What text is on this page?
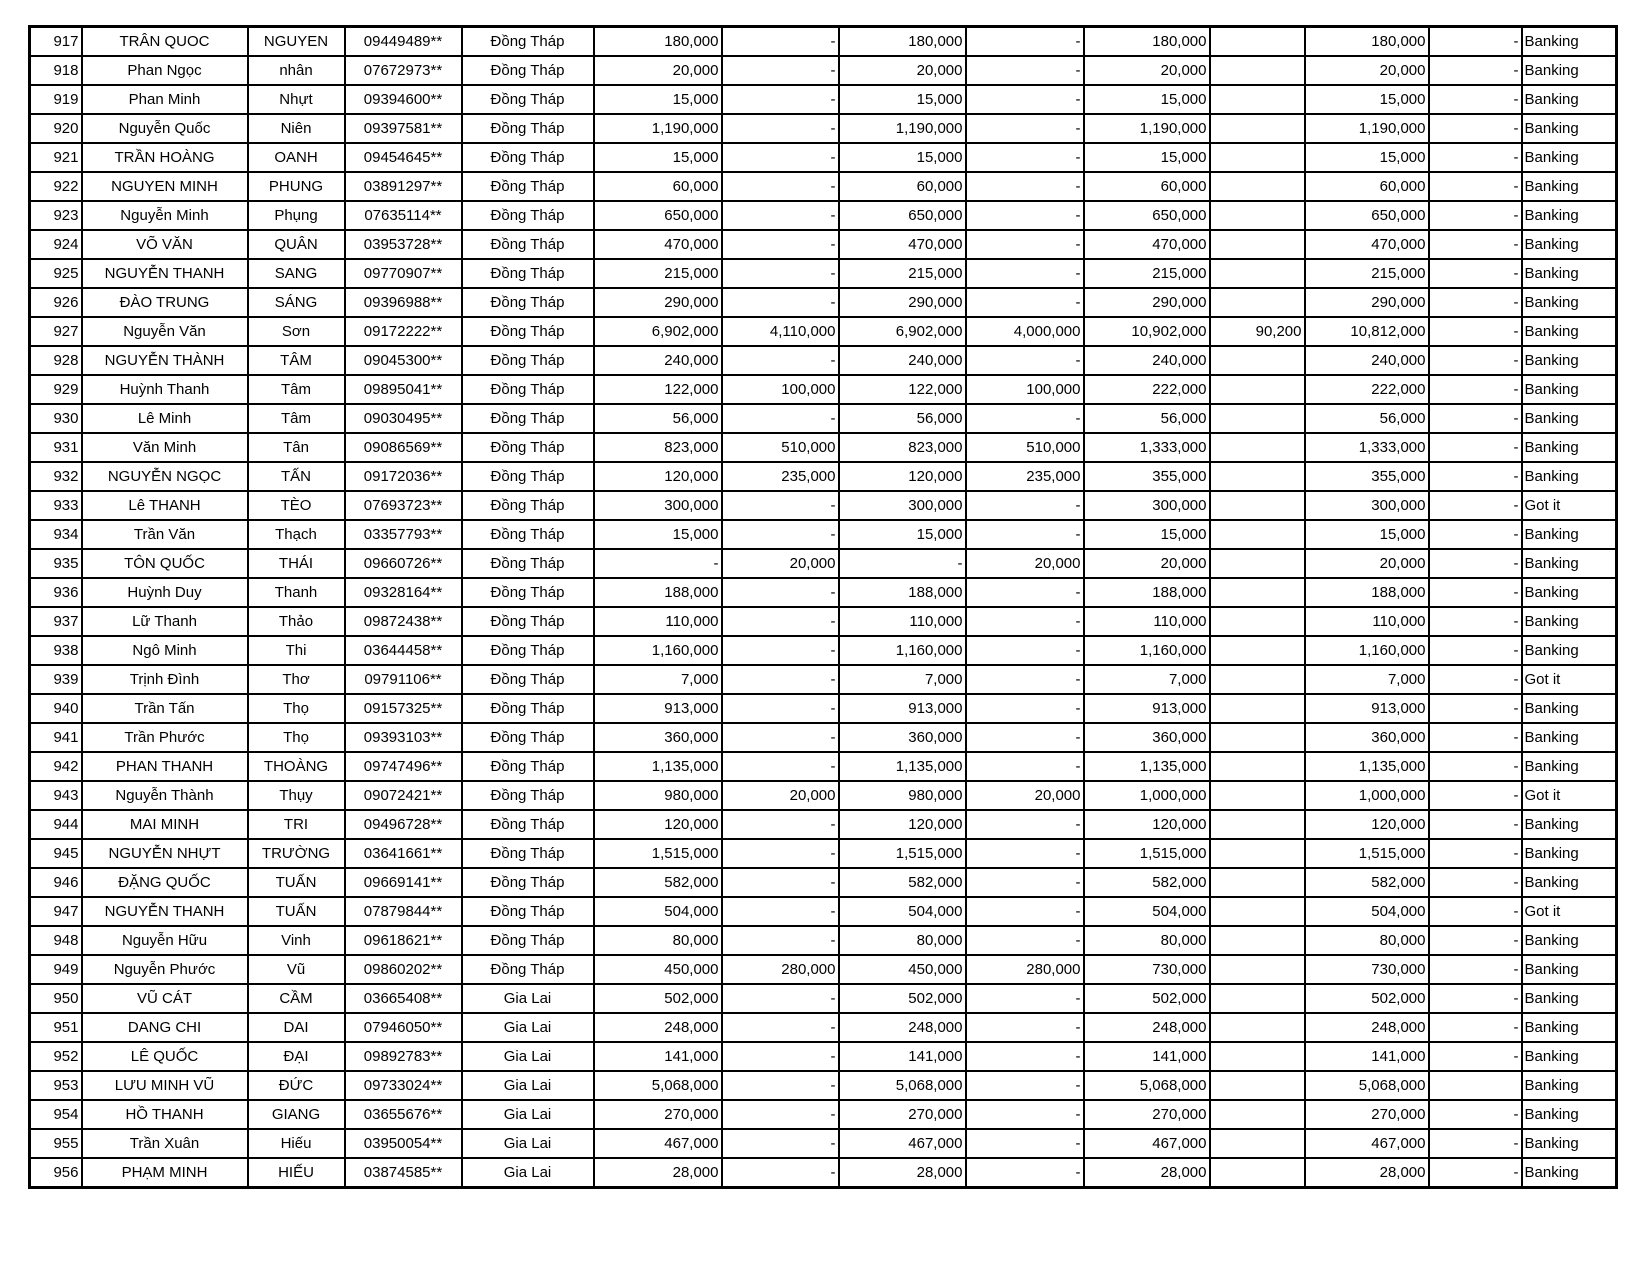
917	TRÂN QUOC	NGUYEN	09449489**	Đồng Tháp	180,000	-	180,000	-	180,000		180,000	-	Banking
918	Phan Ngọc	nhân	07672973**	Đồng Tháp	20,000	-	20,000	-	20,000		20,000	-	Banking
919	Phan Minh	Nhựt	09394600**	Đồng Tháp	15,000	-	15,000	-	15,000		15,000	-	Banking
920	Nguyễn Quốc	Niên	09397581**	Đồng Tháp	1,190,000	-	1,190,000	-	1,190,000		1,190,000	-	Banking
921	TRẦN HOÀNG	OANH	09454645**	Đồng Tháp	15,000	-	15,000	-	15,000		15,000	-	Banking
922	NGUYEN MINH	PHUNG	03891297**	Đồng Tháp	60,000	-	60,000	-	60,000		60,000	-	Banking
923	Nguyễn Minh	Phụng	07635114**	Đồng Tháp	650,000	-	650,000	-	650,000		650,000	-	Banking
924	VÕ VĂN	QUÂN	03953728**	Đồng Tháp	470,000	-	470,000	-	470,000		470,000	-	Banking
925	NGUYỄN THANH	SANG	09770907**	Đồng Tháp	215,000	-	215,000	-	215,000		215,000	-	Banking
926	ĐÀO TRUNG	SÁNG	09396988**	Đồng Tháp	290,000	-	290,000	-	290,000		290,000	-	Banking
927	Nguyễn Văn	Sơn	09172222**	Đồng Tháp	6,902,000	4,110,000	6,902,000	4,000,000	10,902,000	90,200	10,812,000	-	Banking
928	NGUYỄN THÀNH	TÂM	09045300**	Đồng Tháp	240,000	-	240,000	-	240,000		240,000	-	Banking
929	Huỳnh Thanh	Tâm	09895041**	Đồng Tháp	122,000	100,000	122,000	100,000	222,000		222,000	-	Banking
930	Lê Minh	Tâm	09030495**	Đồng Tháp	56,000	-	56,000	-	56,000		56,000	-	Banking
931	Văn Minh	Tân	09086569**	Đồng Tháp	823,000	510,000	823,000	510,000	1,333,000		1,333,000	-	Banking
932	NGUYỄN NGỌC	TẤN	09172036**	Đồng Tháp	120,000	235,000	120,000	235,000	355,000		355,000	-	Banking
933	Lê THANH	TÈO	07693723**	Đồng Tháp	300,000	-	300,000	-	300,000		300,000	-	Got it
934	Trần Văn	Thạch	03357793**	Đồng Tháp	15,000	-	15,000	-	15,000		15,000	-	Banking
935	TÔN QUỐC	THÁI	09660726**	Đồng Tháp	-	20,000	-	20,000	20,000		20,000	-	Banking
936	Huỳnh Duy	Thanh	09328164**	Đồng Tháp	188,000	-	188,000	-	188,000		188,000	-	Banking
937	Lữ Thanh	Thảo	09872438**	Đồng Tháp	110,000	-	110,000	-	110,000		110,000	-	Banking
938	Ngô Minh	Thi	03644458**	Đồng Tháp	1,160,000	-	1,160,000	-	1,160,000		1,160,000	-	Banking
939	Trịnh Đình	Thơ	09791106**	Đồng Tháp	7,000	-	7,000	-	7,000		7,000	-	Got it
940	Trần Tấn	Thọ	09157325**	Đồng Tháp	913,000	-	913,000	-	913,000		913,000	-	Banking
941	Trần Phước	Thọ	09393103**	Đồng Tháp	360,000	-	360,000	-	360,000		360,000	-	Banking
942	PHAN THANH	THOÀNG	09747496**	Đồng Tháp	1,135,000	-	1,135,000	-	1,135,000		1,135,000	-	Banking
943	Nguyễn Thành	Thụy	09072421**	Đồng Tháp	980,000	20,000	980,000	20,000	1,000,000		1,000,000	-	Got it
944	MAI MINH	TRI	09496728**	Đồng Tháp	120,000	-	120,000	-	120,000		120,000	-	Banking
945	NGUYỄN NHỰT	TRƯỜNG	03641661**	Đồng Tháp	1,515,000	-	1,515,000	-	1,515,000		1,515,000	-	Banking
946	ĐẶNG QUỐC	TUẤN	09669141**	Đồng Tháp	582,000	-	582,000	-	582,000		582,000	-	Banking
947	NGUYỄN THANH	TUẤN	07879844**	Đồng Tháp	504,000	-	504,000	-	504,000		504,000	-	Got it
948	Nguyễn Hữu	Vinh	09618621**	Đồng Tháp	80,000	-	80,000	-	80,000		80,000	-	Banking
949	Nguyễn Phước	Vũ	09860202**	Đồng Tháp	450,000	280,000	450,000	280,000	730,000		730,000	-	Banking
950	VŨ CÁT	CẦM	03665408**	Gia Lai	502,000	-	502,000	-	502,000		502,000	-	Banking
951	DANG CHI	DAI	07946050**	Gia Lai	248,000	-	248,000	-	248,000		248,000	-	Banking
952	LÊ QUỐC	ĐẠI	09892783**	Gia Lai	141,000	-	141,000	-	141,000		141,000	-	Banking
953	LƯU MINH VŨ	ĐỨC	09733024**	Gia Lai	5,068,000	-	5,068,000	-	5,068,000		5,068,000		Banking
954	HỒ THANH	GIANG	03655676**	Gia Lai	270,000	-	270,000	-	270,000		270,000	-	Banking
955	Trần Xuân	Hiếu	03950054**	Gia Lai	467,000	-	467,000	-	467,000		467,000	-	Banking
956	PHẠM MINH	HIẾU	03874585**	Gia Lai	28,000	-	28,000	-	28,000		28,000	-	Banking
